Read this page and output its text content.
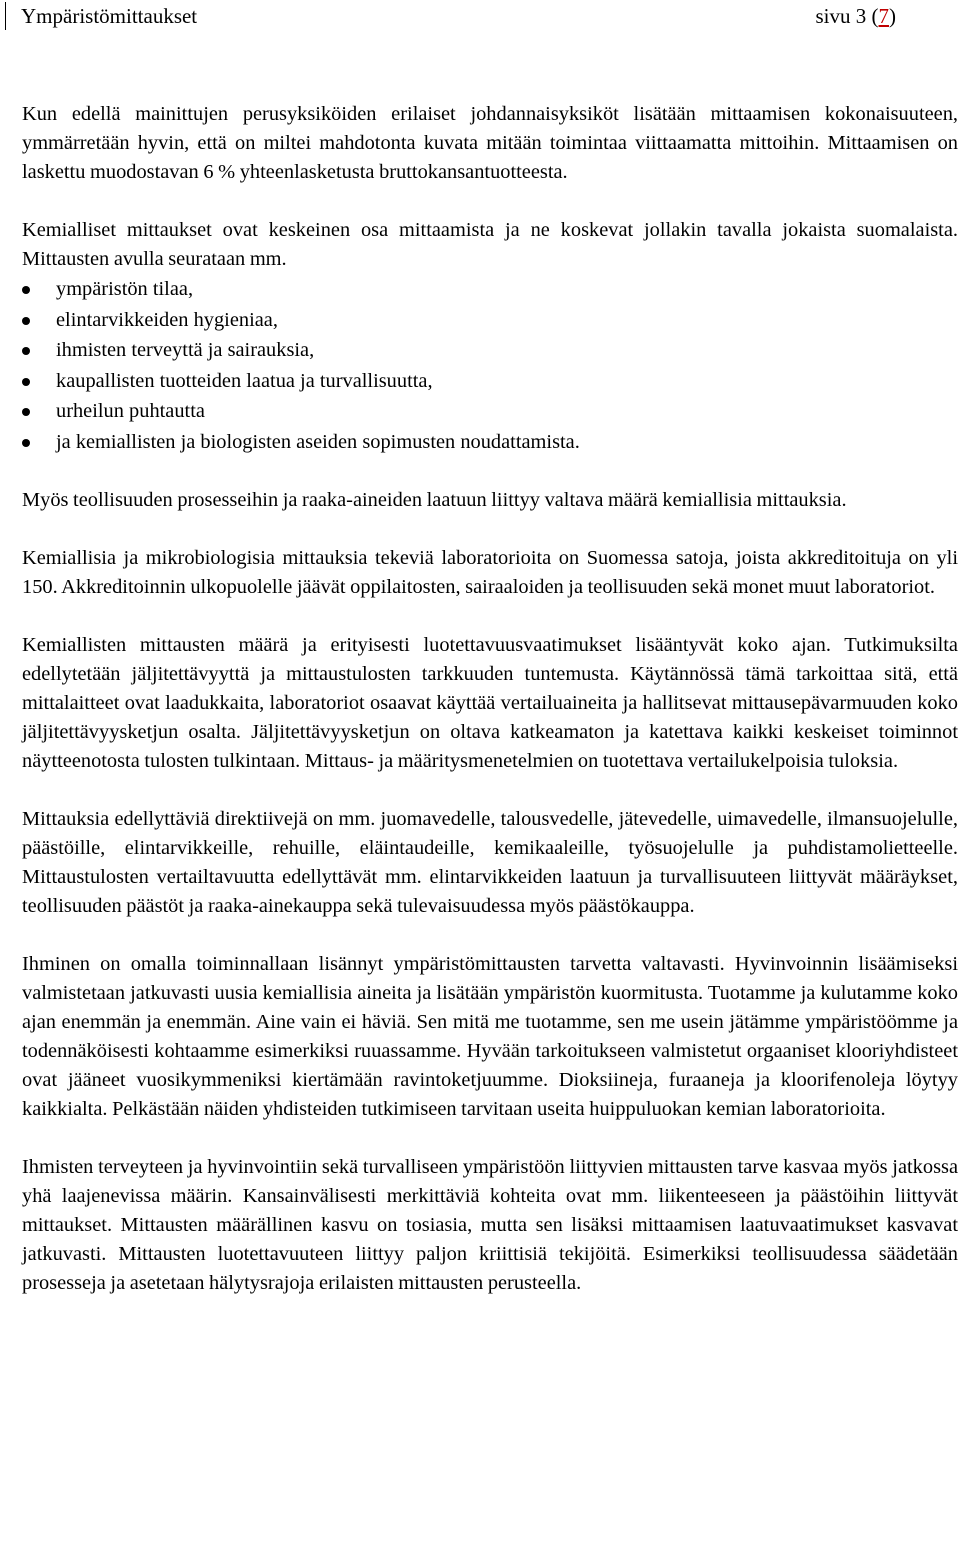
Ympäristömittaukset	sivu 3 (7)

Kun edellä mainittujen perusyksiköiden erilaiset johdannaisyksiköt lisätään mittaamisen kokonaisuuteen, ymmärretään hyvin, että on miltei mahdotonta kuvata mitään toimintaa viittaamatta mittoihin. Mittaamisen on laskettu muodostavan 6 % yhteenlasketusta bruttokansantuotteesta.

Kemialliset mittaukset ovat keskeinen osa mittaamista ja ne koskevat jollakin tavalla jokaista suomalaista. Mittausten avulla seurataan mm.

ympäristön tilaa,
elintarvikkeiden hygieniaa,
ihmisten terveyttä ja sairauksia,
kaupallisten tuotteiden laatua ja turvallisuutta,
urheilun puhtautta
ja kemiallisten ja biologisten aseiden sopimusten noudattamista.

Myös teollisuuden prosesseihin ja raaka-aineiden laatuun liittyy valtava määrä kemiallisia mittauksia.

Kemiallisia ja mikrobiologisia mittauksia tekeviä laboratorioita on Suomessa satoja, joista akkreditoituja on yli 150. Akkreditoinnin ulkopuolelle jäävät oppilaitosten, sairaaloiden ja teollisuuden sekä monet muut laboratoriot.

Kemiallisten mittausten määrä ja erityisesti luotettavuusvaatimukset lisääntyvät koko ajan. Tutkimuksilta edellytetään jäljitettävyyttä ja mittaustulosten tarkkuuden tuntemusta. Käytännössä tämä tarkoittaa sitä, että mittalaitteet ovat laadukkaita, laboratoriot osaavat käyttää vertailuaineita ja hallitsevat mittausepävarmuuden koko jäljitettävyysketjun osalta. Jäljitettävyysketjun on oltava katkeamaton ja katettava kaikki keskeiset toiminnot näytteenotosta tulosten tulkintaan. Mittaus- ja määritysmenetelmien on tuotettava vertailukelpoisia tuloksia.

Mittauksia edellyttäviä direktiivejä on mm. juomavedelle, talousvedelle, jätevedelle, uimavedelle, ilmansuojelulle, päästöille, elintarvikkeille, rehuille, eläintaudeille, kemikaaleille, työsuojelulle ja puhdistamolietteelle. Mittaustulosten vertailtavuutta edellyttävät mm. elintarvikkeiden laatuun ja turvallisuuteen liittyvät määräykset, teollisuuden päästöt ja raaka-ainekauppa sekä tulevaisuudessa myös päästökauppa.

Ihminen on omalla toiminnallaan lisännyt ympäristömittausten tarvetta valtavasti. Hyvinvoinnin lisäämiseksi valmistetaan jatkuvasti uusia kemiallisia aineita ja lisätään ympäristön kuormitusta. Tuotamme ja kulutamme koko ajan enemmän ja enemmän. Aine vain ei häviä. Sen mitä me tuotamme, sen me usein jätämme ympäristöömme ja todennäköisesti kohtaamme esimerkiksi ruuassamme. Hyvään tarkoitukseen valmistetut orgaaniset klooriyhdisteet ovat jääneet vuosikymmeniksi kiertämään ravintoketjuumme. Dioksiineja, furaaneja ja kloorifenoleja löytyy kaikkialta. Pelkästään näiden yhdisteiden tutkimiseen tarvitaan useita huippuluokan kemian laboratorioita.

Ihmisten terveyteen ja hyvinvointiin sekä turvalliseen ympäristöön liittyvien mittausten tarve kasvaa myös jatkossa yhä laajenevissa määrin. Kansainvälisesti merkittäviä kohteita ovat mm. liikenteeseen ja päästöihin liittyvät mittaukset. Mittausten määrällinen kasvu on tosiasia, mutta sen lisäksi mittaamisen laatuvaatimukset kasvavat jatkuvasti. Mittausten luotettavuuteen liittyy paljon kriittisiä tekijöitä. Esimerkiksi teollisuudessa säädetään prosesseja ja asetetaan hälytysrajoja erilaisten mittausten perusteella.
